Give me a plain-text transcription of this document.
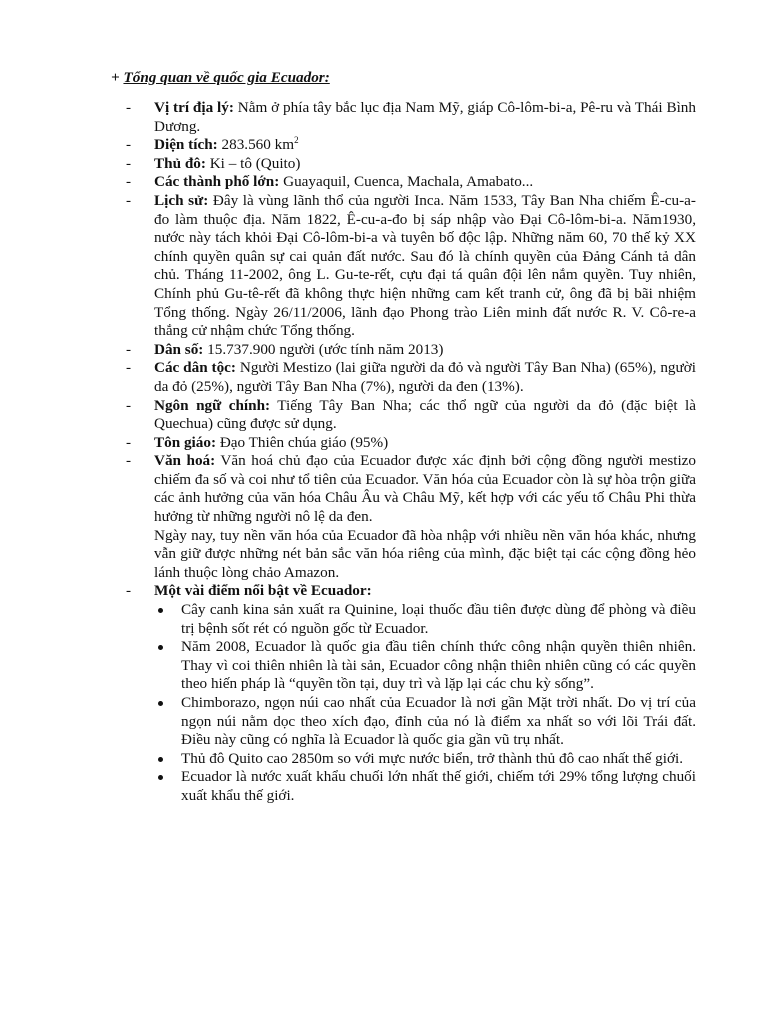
+ Tổng quan về quốc gia Ecuador:
- Vị trí địa lý: Nằm ở phía tây bắc lục địa Nam Mỹ, giáp Cô-lôm-bi-a, Pê-ru và Thái Bình Dương.
- Diện tích: 283.560 $km^2$
- Thủ đô: Ki – tô (Quito)
- Các thành phố lớn: Guayaquil, Cuenca, Machala, Amabato...
- Lịch sử: Đây là vùng lãnh thổ của người Inca. Năm 1533, Tây Ban Nha chiếm Ê-cu-a-đo làm thuộc địa. Năm 1822, Ê-cu-a-đo bị sáp nhập vào Đại Cô-lôm-bi-a. Năm1930, nước này tách khỏi Đại Cô-lôm-bi-a và tuyên bố độc lập. Những năm 60, 70 thế kỷ XX chính quyền quân sự cai quản đất nước. Sau đó là chính quyền của Đảng Cánh tả dân chủ. Tháng 11-2002, ông L. Gu-te-rết, cựu đại tá quân đội lên nắm quyền. Tuy nhiên, Chính phủ Gu-tê-rết đã không thực hiện những cam kết tranh cử, ông đã bị bãi nhiệm Tổng thống. Ngày 26/11/2006, lãnh đạo Phong trào Liên minh đất nước R. V. Cô-re-a thắng cử nhậm chức Tổng thống.
- Dân số: 15.737.900 người (ước tính năm 2013)
- Các dân tộc: Người Mestizo (lai giữa người da đỏ và người Tây Ban Nha) (65%), người da đỏ (25%), người Tây Ban Nha (7%), người da đen (13%).
- Ngôn ngữ chính: Tiếng Tây Ban Nha; các thổ ngữ của người da đỏ (đặc biệt là Quechua) cũng được sử dụng.
- Tôn giáo: Đạo Thiên chúa giáo (95%)
- Văn hoá: Văn hoá chủ đạo của Ecuador được xác định bởi cộng đồng người mestizo chiếm đa số và coi như tổ tiên của Ecuador. Văn hóa của Ecuador còn là sự hòa trộn giữa các ảnh hưởng của văn hóa Châu Âu và Châu Mỹ, kết hợp với các yếu tố Châu Phi thừa hưởng từ những người nô lệ da đen.
Ngày nay, tuy nền văn hóa của Ecuador đã hòa nhập với nhiều nền văn hóa khác, nhưng vẫn giữ được những nét bản sắc văn hóa riêng của mình, đặc biệt tại các cộng đồng hẻo lánh thuộc lòng chảo Amazon.
- Một vài điểm nổi bật về Ecuador:
Cây canh kina sản xuất ra Quinine, loại thuốc đầu tiên được dùng để phòng và điều trị bệnh sốt rét có nguồn gốc từ Ecuador.
Năm 2008, Ecuador là quốc gia đầu tiên chính thức công nhận quyền thiên nhiên. Thay vì coi thiên nhiên là tài sản, Ecuador công nhận thiên nhiên cũng có các quyền theo hiến pháp là “quyền tồn tại, duy trì và lặp lại các chu kỳ sống”.
Chimborazo, ngọn núi cao nhất của Ecuador là nơi gần Mặt trời nhất. Do vị trí của ngọn núi nằm dọc theo xích đạo, đỉnh của nó là điểm xa nhất so với lõi Trái đất. Điều này cũng có nghĩa là Ecuador là quốc gia gần vũ trụ nhất.
Thủ đô Quito cao 2850m so với mực nước biển, trở thành thủ đô cao nhất thế giới.
Ecuador là nước xuất khẩu chuối lớn nhất thế giới, chiếm tới 29% tổng lượng chuối xuất khẩu thế giới.
